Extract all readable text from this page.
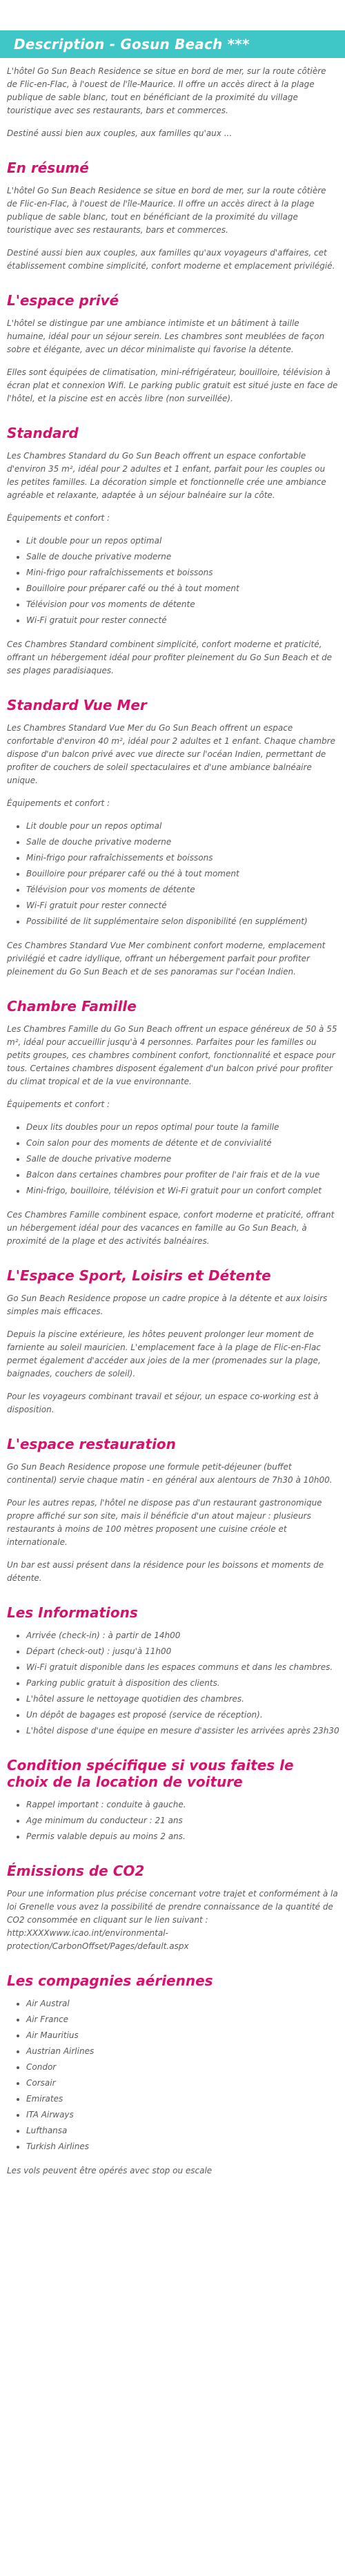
Description - Gosun Beach ***

L'hôtel Go Sun Beach Residence se situe en bord de mer, sur la route côtière de Flic-en-Flac, à l'ouest de l'île-Maurice. Il offre un accès direct à la plage publique de sable blanc, tout en bénéficiant de la proximité du village touristique avec ses restaurants, bars et commerces.

Destiné aussi bien aux couples, aux familles qu'aux ...

En résumé

L'hôtel Go Sun Beach Residence se situe en bord de mer, sur la route côtière de Flic-en-Flac, à l'ouest de l'île-Maurice. Il offre un accès direct à la plage publique de sable blanc, tout en bénéficiant de la proximité du village touristique avec ses restaurants, bars et commerces.

Destiné aussi bien aux couples, aux familles qu'aux voyageurs d'affaires, cet établissement combine simplicité, confort moderne et emplacement privilégié.

L'espace privé

L'hôtel se distingue par une ambiance intimiste et un bâtiment à taille humaine, idéal pour un séjour serein. Les chambres sont meublées de façon sobre et élégante, avec un décor minimaliste qui favorise la détente.

Elles sont équipées de climatisation, mini-réfrigérateur, bouilloire, télévision à écran plat et connexion Wifi. Le parking public gratuit est situé juste en face de l'hôtel, et la piscine est en accès libre (non surveillée).

Standard

Les Chambres Standard du Go Sun Beach offrent un espace confortable d'environ 35 m², idéal pour 2 adultes et 1 enfant, parfait pour les couples ou les petites familles. La décoration simple et fonctionnelle crée une ambiance agréable et relaxante, adaptée à un séjour balnéaire sur la côte.

Équipements et confort :

• Lit double pour un repos optimal
• Salle de douche privative moderne
• Mini-frigo pour rafraîchissements et boissons
• Bouilloire pour préparer café ou thé à tout moment
• Télévision pour vos moments de détente
• Wi-Fi gratuit pour rester connecté

Ces Chambres Standard combinent simplicité, confort moderne et praticité, offrant un hébergement idéal pour profiter pleinement du Go Sun Beach et de ses plages paradisiaques.

Standard Vue Mer

Les Chambres Standard Vue Mer du Go Sun Beach offrent un espace confortable d'environ 40 m², idéal pour 2 adultes et 1 enfant. Chaque chambre dispose d'un balcon privé avec vue directe sur l'océan Indien, permettant de profiter de couchers de soleil spectaculaires et d'une ambiance balnéaire unique.

Équipements et confort :

• Lit double pour un repos optimal
• Salle de douche privative moderne
• Mini-frigo pour rafraîchissements et boissons
• Bouilloire pour préparer café ou thé à tout moment
• Télévision pour vos moments de détente
• Wi-Fi gratuit pour rester connecté
• Possibilité de lit supplémentaire selon disponibilité (en supplément)

Ces Chambres Standard Vue Mer combinent confort moderne, emplacement privilégié et cadre idyllique, offrant un hébergement parfait pour profiter pleinement du Go Sun Beach et de ses panoramas sur l'océan Indien.

Chambre Famille

Les Chambres Famille du Go Sun Beach offrent un espace généreux de 50 à 55 m², idéal pour accueillir jusqu'à 4 personnes. Parfaites pour les familles ou petits groupes, ces chambres combinent confort, fonctionnalité et espace pour tous. Certaines chambres disposent également d'un balcon privé pour profiter du climat tropical et de la vue environnante.

Équipements et confort :

• Deux lits doubles pour un repos optimal pour toute la famille
• Coin salon pour des moments de détente et de convivialité
• Salle de douche privative moderne
• Balcon dans certaines chambres pour profiter de l'air frais et de la vue
• Mini-frigo, bouilloire, télévision et Wi-Fi gratuit pour un confort complet

Ces Chambres Famille combinent espace, confort moderne et praticité, offrant un hébergement idéal pour des vacances en famille au Go Sun Beach, à proximité de la plage et des activités balnéaires.

L'Espace Sport, Loisirs et Détente

Go Sun Beach Residence propose un cadre propice à la détente et aux loisirs simples mais efficaces.

Depuis la piscine extérieure, les hôtes peuvent prolonger leur moment de farniente au soleil mauricien. L'emplacement face à la plage de Flic-en-Flac permet également d'accéder aux joies de la mer (promenades sur la plage, baignades, couchers de soleil).

Pour les voyageurs combinant travail et séjour, un espace co-working est à disposition.

L'espace restauration

Go Sun Beach Residence propose une formule petit-déjeuner (buffet continental) servie chaque matin - en général aux alentours de 7h30 à 10h00.

Pour les autres repas, l'hôtel ne dispose pas d'un restaurant gastronomique propre affiché sur son site, mais il bénéficie d'un atout majeur : plusieurs restaurants à moins de 100 mètres proposent une cuisine créole et internationale.

Un bar est aussi présent dans la résidence pour les boissons et moments de détente.

Les Informations
• Arrivée (check-in) : à partir de 14h00
• Départ (check-out) : jusqu'à 11h00
• Wi-Fi gratuit disponible dans les espaces communs et dans les chambres.
• Parking public gratuit à disposition des clients.
• L'hôtel assure le nettoyage quotidien des chambres.
• Un dépôt de bagages est proposé (service de réception).
• L'hôtel dispose d'une équipe en mesure d'assister les arrivées après 23h30
Condition spécifique si vous faites le choix de la location de voiture
• Rappel important : conduite à gauche.
• Age minimum du conducteur : 21 ans
• Permis valable depuis au moins 2 ans.
Émissions de CO2

Pour une information plus précise concernant votre trajet et conformément à la loi Grenelle vous avez la possibilité de prendre connaissance de la quantité de CO2 consommée en cliquant sur le lien suivant :
http:XXXXwww.icao.int/environmental-protection/CarbonOffset/Pages/default.aspx

Les compagnies aériennes
• Air Austral
• Air France
• Air Mauritius
• Austrian Airlines
• Condor
• Corsair
• Emirates
• ITA Airways
• Lufthansa
• Turkish Airlines
Les vols peuvent être opérés avec stop ou escale
